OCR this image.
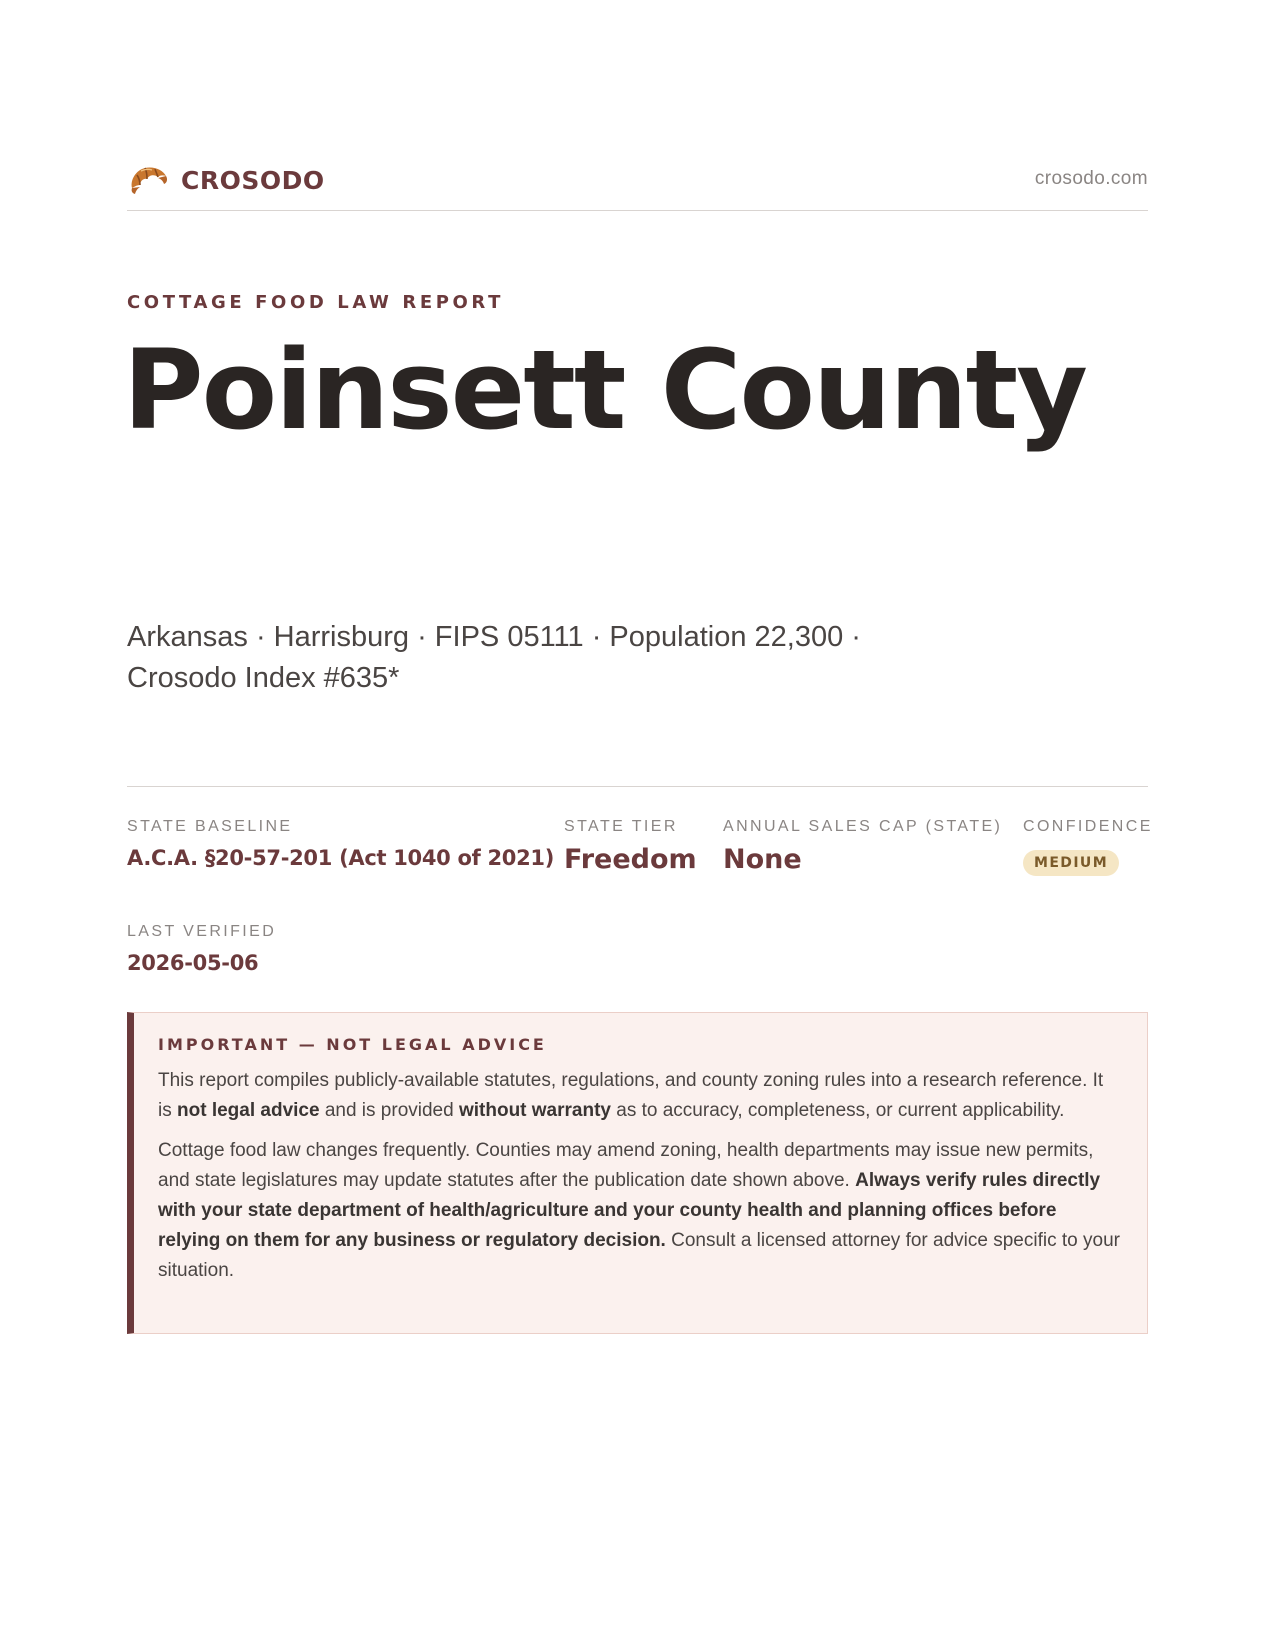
CROSODO	crosodo.com
COTTAGE FOOD LAW REPORT
Poinsett County
Arkansas · Harrisburg · FIPS 05111 · Population 22,300 ·
Crosodo Index #635*
STATE BASELINE
A.C.A. §20-57-201 (Act 1040 of 2021)
STATE TIER
Freedom
ANNUAL SALES CAP (STATE)
None
CONFIDENCE
MEDIUM
LAST VERIFIED
2026-05-06
IMPORTANT — NOT LEGAL ADVICE

This report compiles publicly-available statutes, regulations, and county zoning rules into a research reference. It is not legal advice and is provided without warranty as to accuracy, completeness, or current applicability.

Cottage food law changes frequently. Counties may amend zoning, health departments may issue new permits, and state legislatures may update statutes after the publication date shown above. Always verify rules directly with your state department of health/agriculture and your county health and planning offices before relying on them for any business or regulatory decision. Consult a licensed attorney for advice specific to your situation.
